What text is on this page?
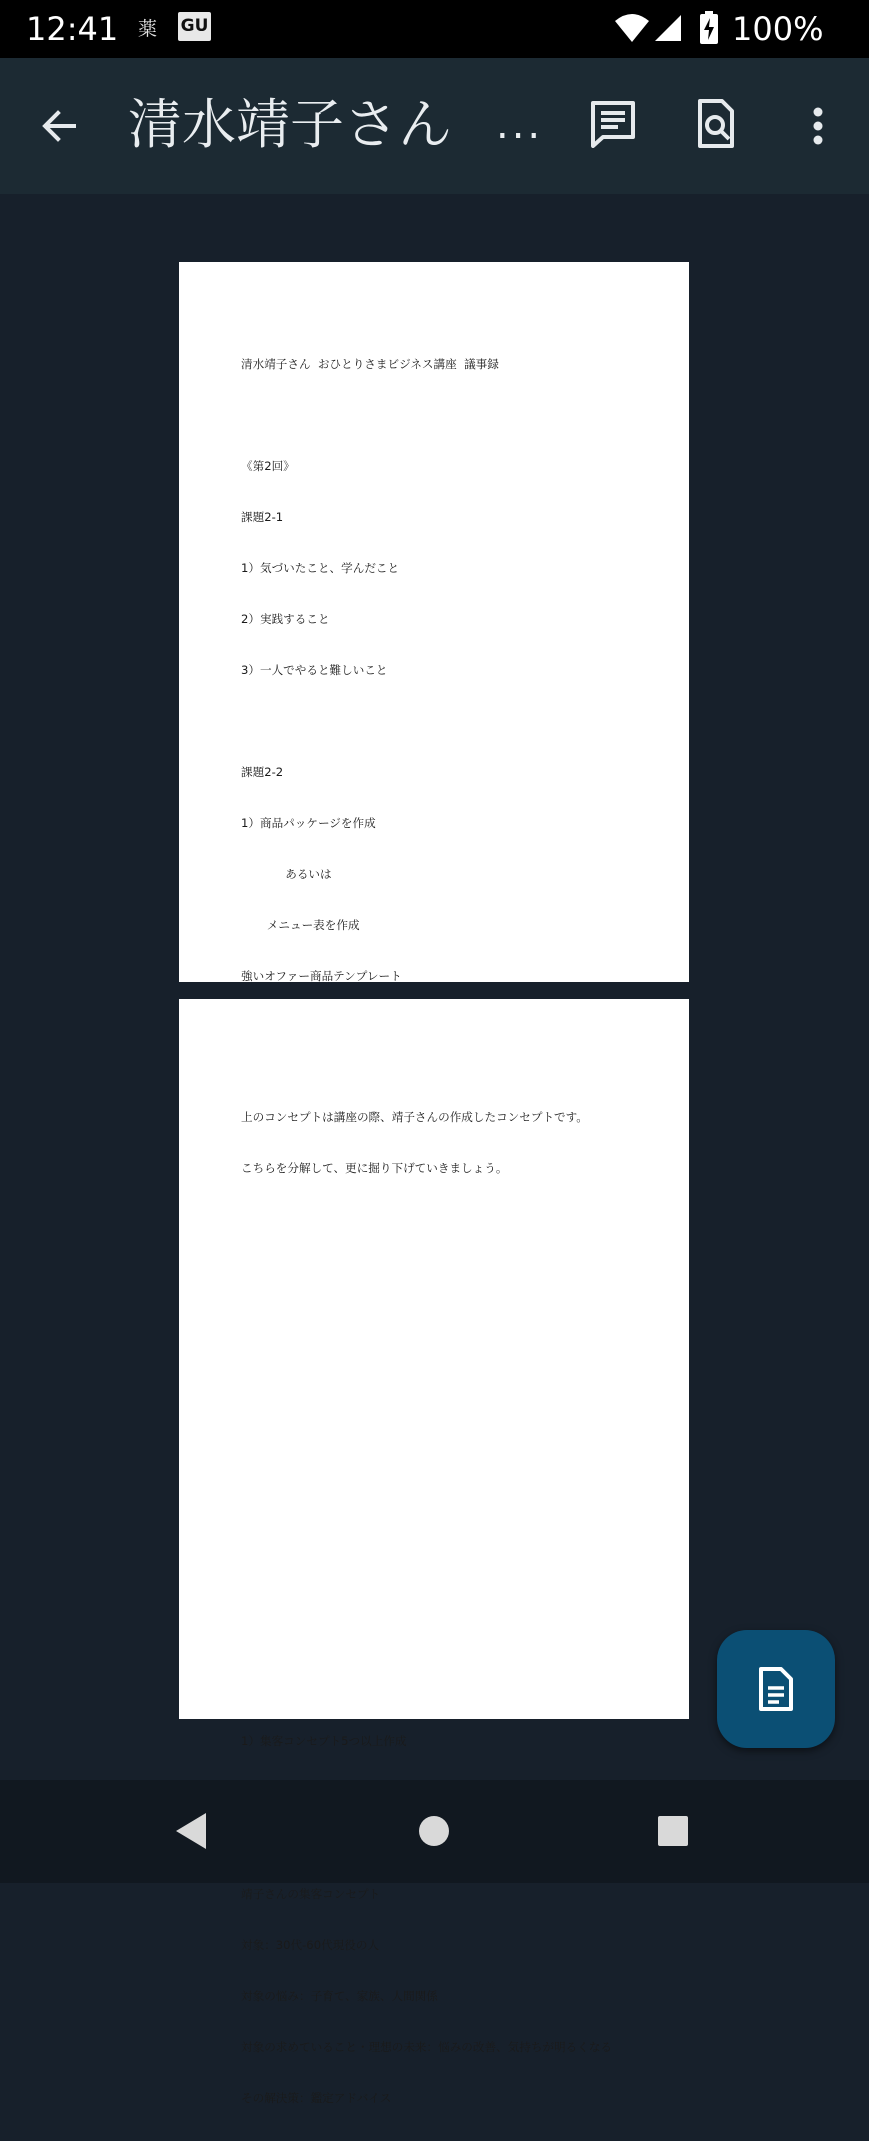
12:41 薬 GU	100%
清水靖子さん ...

清水靖子さん  おひとりさまビジネス講座  議事録

《第2回》

課題2-1

1）気づいたこと、学んだこと

2）実践すること

3）一人でやると難しいこと

課題2-2

1）商品パッケージを作成

あるいは

メニュー表を作成

強いオファー商品テンプレート

1）集客コンセプト5つ以上作成

靖子さんの集客コンセプト

対象：30代-60代現役の人

対象の悩み：子育て、家族、人間関係

対象の求めていること・理想の未来：悩みの改善、気持ちが明るくなる

その解決策：鑑定アドバイス

上のコンセプトは講座の際、靖子さんの作成したコンセプトです。

こちらを分解して、更に掘り下げていきましょう。
